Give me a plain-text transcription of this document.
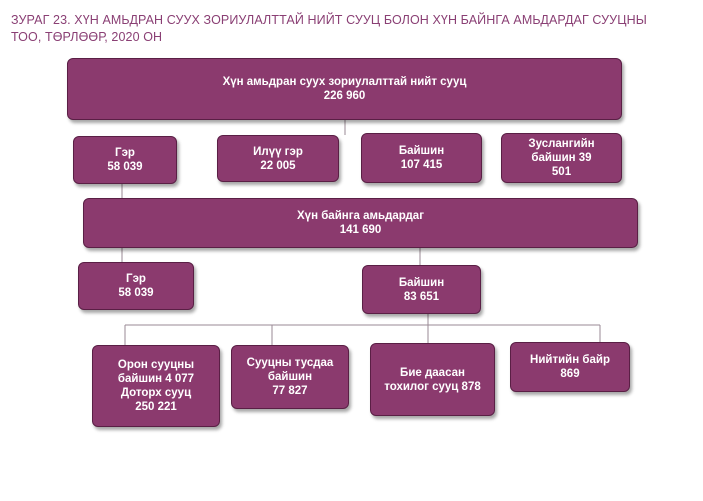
ЗУРАГ 23. ХҮН АМЬДРАН СУУХ ЗОРИУЛАЛТТАЙ НИЙТ СУУЦ БОЛОН ХҮН БАЙНГА АМЬДАРДАГ СУУЦНЫ ТОО, ТӨРЛӨӨР, 2020 ОН
Хүн амьдран суух зориулалттай нийт сууц
226 960
Гэр
58 039
Илүү гэр
22 005
Байшин
107 415
Зуслангийн байшин 39 501
Хүн байнга амьдардаг
141 690
Гэр
58 039
Байшин
83 651
Орон сууцны байшин 4 077 Доторх сууц
250 221
Сууцны тусдаа байшин
77 827
Бие даасан тохилог сууц 878
Нийтийн байр
869
